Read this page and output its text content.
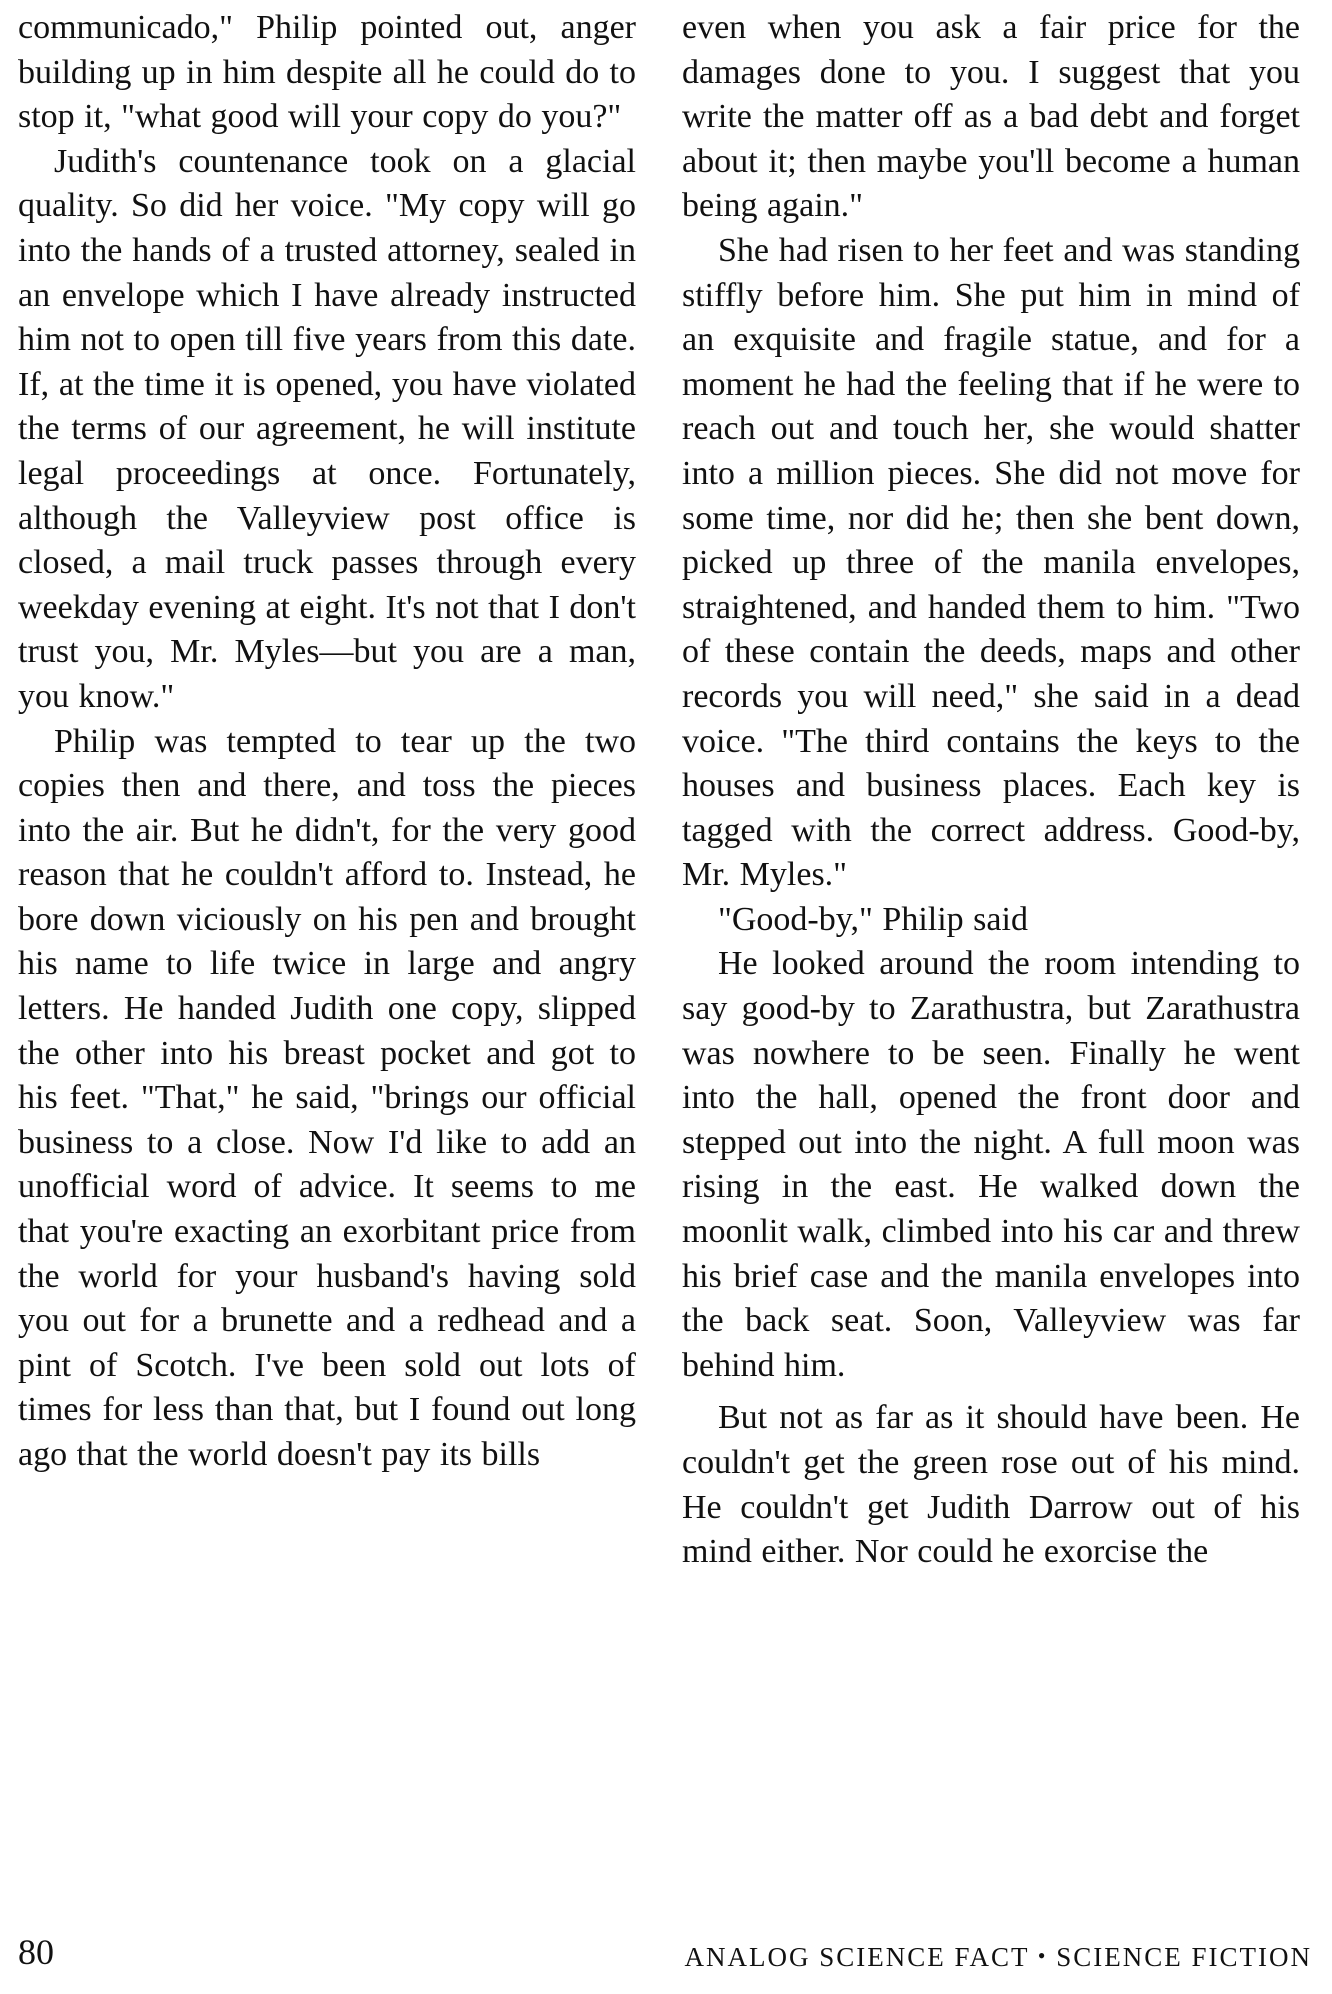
communicado," Philip pointed out, anger building up in him despite all he could do to stop it, "what good will your copy do you?"

Judith's countenance took on a glacial quality. So did her voice. "My copy will go into the hands of a trusted attorney, sealed in an envelope which I have already instructed him not to open till five years from this date. If, at the time it is opened, you have violated the terms of our agreement, he will institute legal proceedings at once. Fortunately, although the Valleyview post office is closed, a mail truck passes through every weekday evening at eight. It's not that I don't trust you, Mr. Myles—but you are a man, you know."

Philip was tempted to tear up the two copies then and there, and toss the pieces into the air. But he didn't, for the very good reason that he couldn't afford to. Instead, he bore down viciously on his pen and brought his name to life twice in large and angry letters. He handed Judith one copy, slipped the other into his breast pocket and got to his feet. "That," he said, "brings our official business to a close. Now I'd like to add an unofficial word of advice. It seems to me that you're exacting an exorbitant price from the world for your husband's having sold you out for a brunette and a redhead and a pint of Scotch. I've been sold out lots of times for less than that, but I found out long ago that the world doesn't pay its bills

even when you ask a fair price for the damages done to you. I suggest that you write the matter off as a bad debt and forget about it; then maybe you'll become a human being again."

She had risen to her feet and was standing stiffly before him. She put him in mind of an exquisite and fragile statue, and for a moment he had the feeling that if he were to reach out and touch her, she would shatter into a million pieces. She did not move for some time, nor did he; then she bent down, picked up three of the manila envelopes, straightened, and handed them to him. "Two of these contain the deeds, maps and other records you will need," she said in a dead voice. "The third contains the keys to the houses and business places. Each key is tagged with the correct address. Good-by, Mr. Myles."

"Good-by," Philip said

He looked around the room intending to say good-by to Zarathustra, but Zarathustra was nowhere to be seen. Finally he went into the hall, opened the front door and stepped out into the night. A full moon was rising in the east. He walked down the moonlit walk, climbed into his car and threw his brief case and the manila envelopes into the back seat. Soon, Valleyview was far behind him.

But not as far as it should have been. He couldn't get the green rose out of his mind. He couldn't get Judith Darrow out of his mind either. Nor could he exorcise the

80	ANALOG SCIENCE FACT • SCIENCE FICTION
